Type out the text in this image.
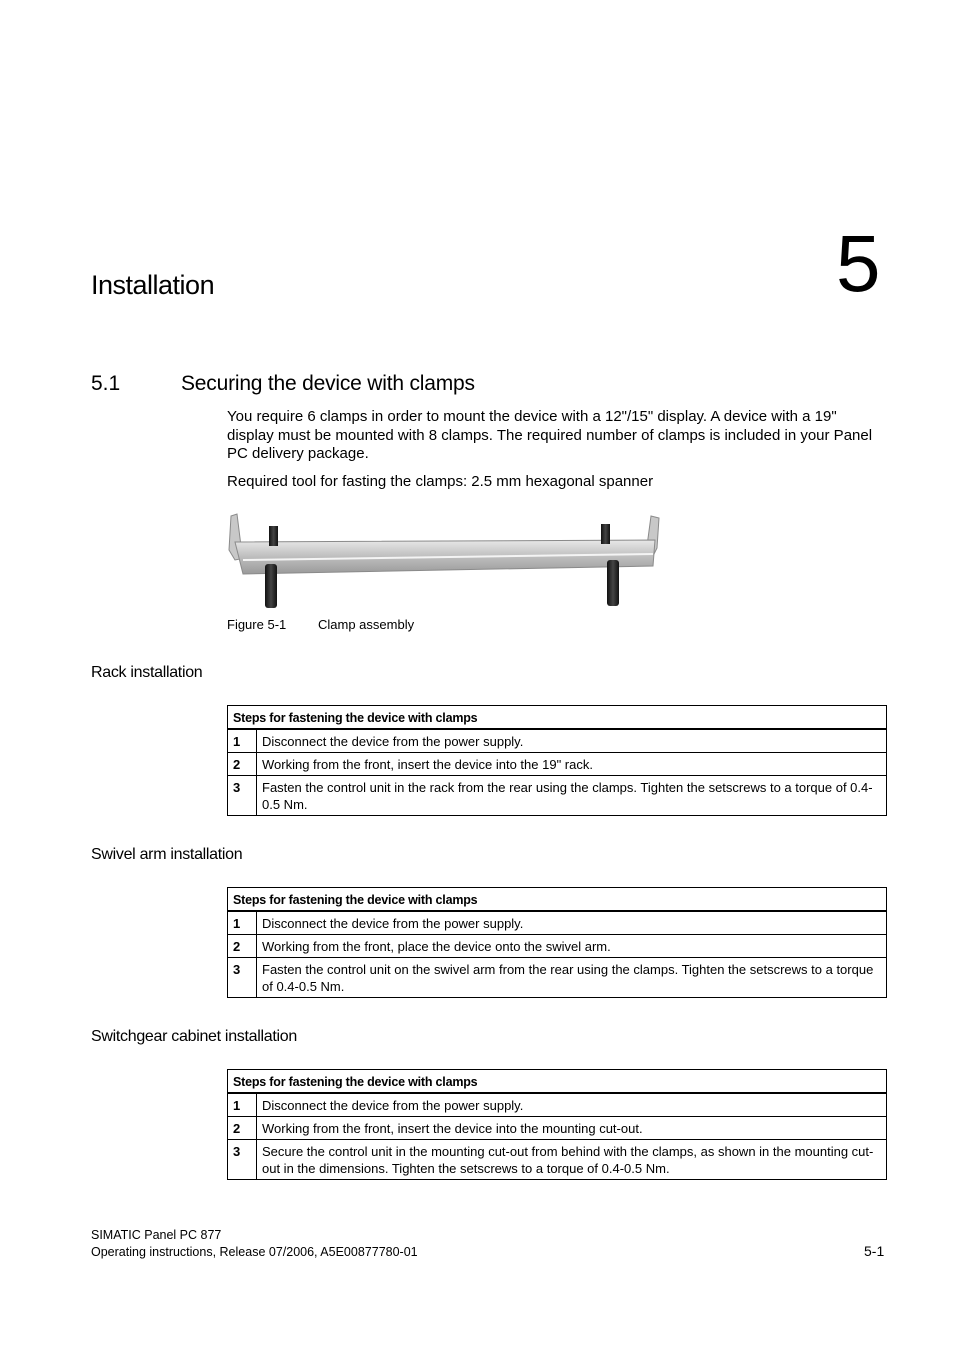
Installation	5
5.1	Securing the device with clamps
You require 6 clamps in order to mount the device with a 12"/15" display. A device with a 19" display must be mounted with 8 clamps. The required number of clamps is included in your Panel PC delivery package.
Required tool for fasting the clamps: 2.5 mm hexagonal spanner
Figure 5-1 Clamp assembly
Rack installation
Steps for fastening the device with clamps	
1	Disconnect the device from the power supply.
2	Working from the front, insert the device into the 19" rack.
3	Fasten the control unit in the rack from the rear using the clamps. Tighten the setscrews to a torque of 0.4-0.5 Nm.
Swivel arm installation
Steps for fastening the device with clamps	
1	Disconnect the device from the power supply.
2	Working from the front, place the device onto the swivel arm.
3	Fasten the control unit on the swivel arm from the rear using the clamps. Tighten the setscrews to a torque of 0.4-0.5 Nm.
Switchgear cabinet installation
Steps for fastening the device with clamps	
1	Disconnect the device from the power supply.
2	Working from the front, insert the device into the mounting cut-out.
3	Secure the control unit in the mounting cut-out from behind with the clamps, as shown in the mounting cut-out in the dimensions. Tighten the setscrews to a torque of 0.4-0.5 Nm.
SIMATIC Panel PC 877
Operating instructions, Release 07/2006, A5E00877780-01	5-1
